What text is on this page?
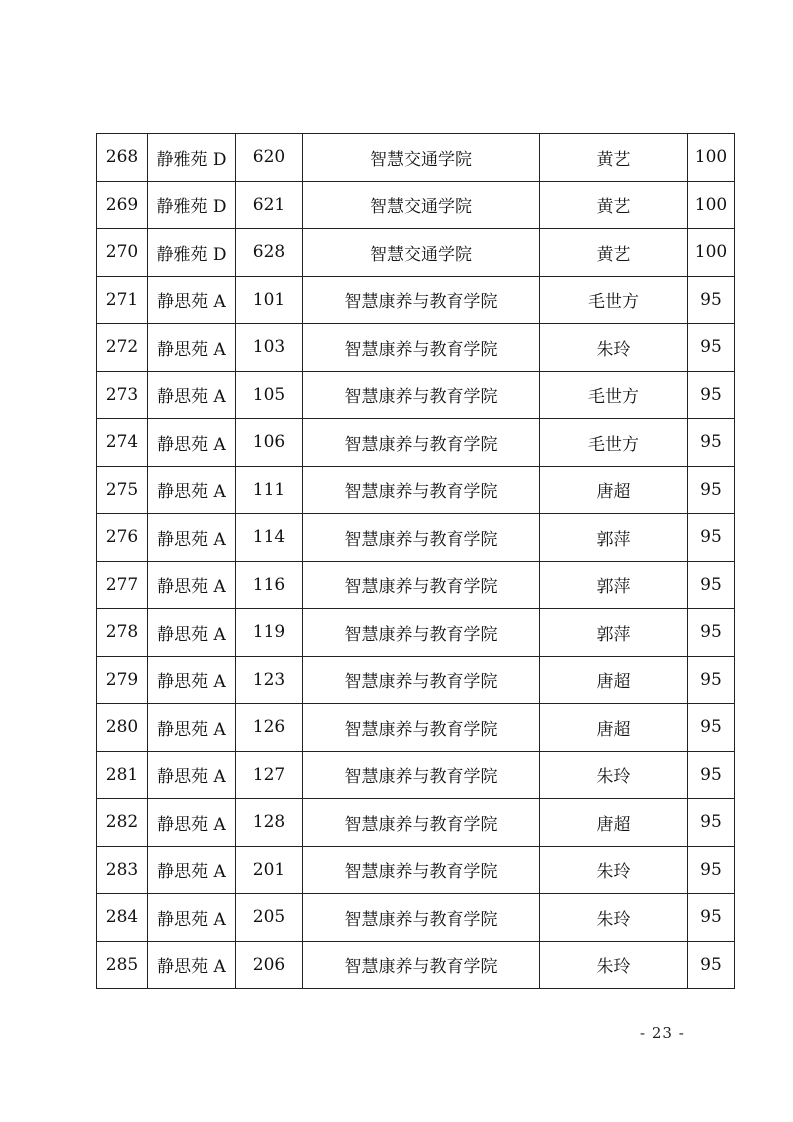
268	静雅苑 D	620	智慧交通学院	黄艺	100
269	静雅苑 D	621	智慧交通学院	黄艺	100
270	静雅苑 D	628	智慧交通学院	黄艺	100
271	静思苑 A	101	智慧康养与教育学院	毛世方	95
272	静思苑 A	103	智慧康养与教育学院	朱玲	95
273	静思苑 A	105	智慧康养与教育学院	毛世方	95
274	静思苑 A	106	智慧康养与教育学院	毛世方	95
275	静思苑 A	111	智慧康养与教育学院	唐超	95
276	静思苑 A	114	智慧康养与教育学院	郭萍	95
277	静思苑 A	116	智慧康养与教育学院	郭萍	95
278	静思苑 A	119	智慧康养与教育学院	郭萍	95
279	静思苑 A	123	智慧康养与教育学院	唐超	95
280	静思苑 A	126	智慧康养与教育学院	唐超	95
281	静思苑 A	127	智慧康养与教育学院	朱玲	95
282	静思苑 A	128	智慧康养与教育学院	唐超	95
283	静思苑 A	201	智慧康养与教育学院	朱玲	95
284	静思苑 A	205	智慧康养与教育学院	朱玲	95
285	静思苑 A	206	智慧康养与教育学院	朱玲	95
- 23 -
